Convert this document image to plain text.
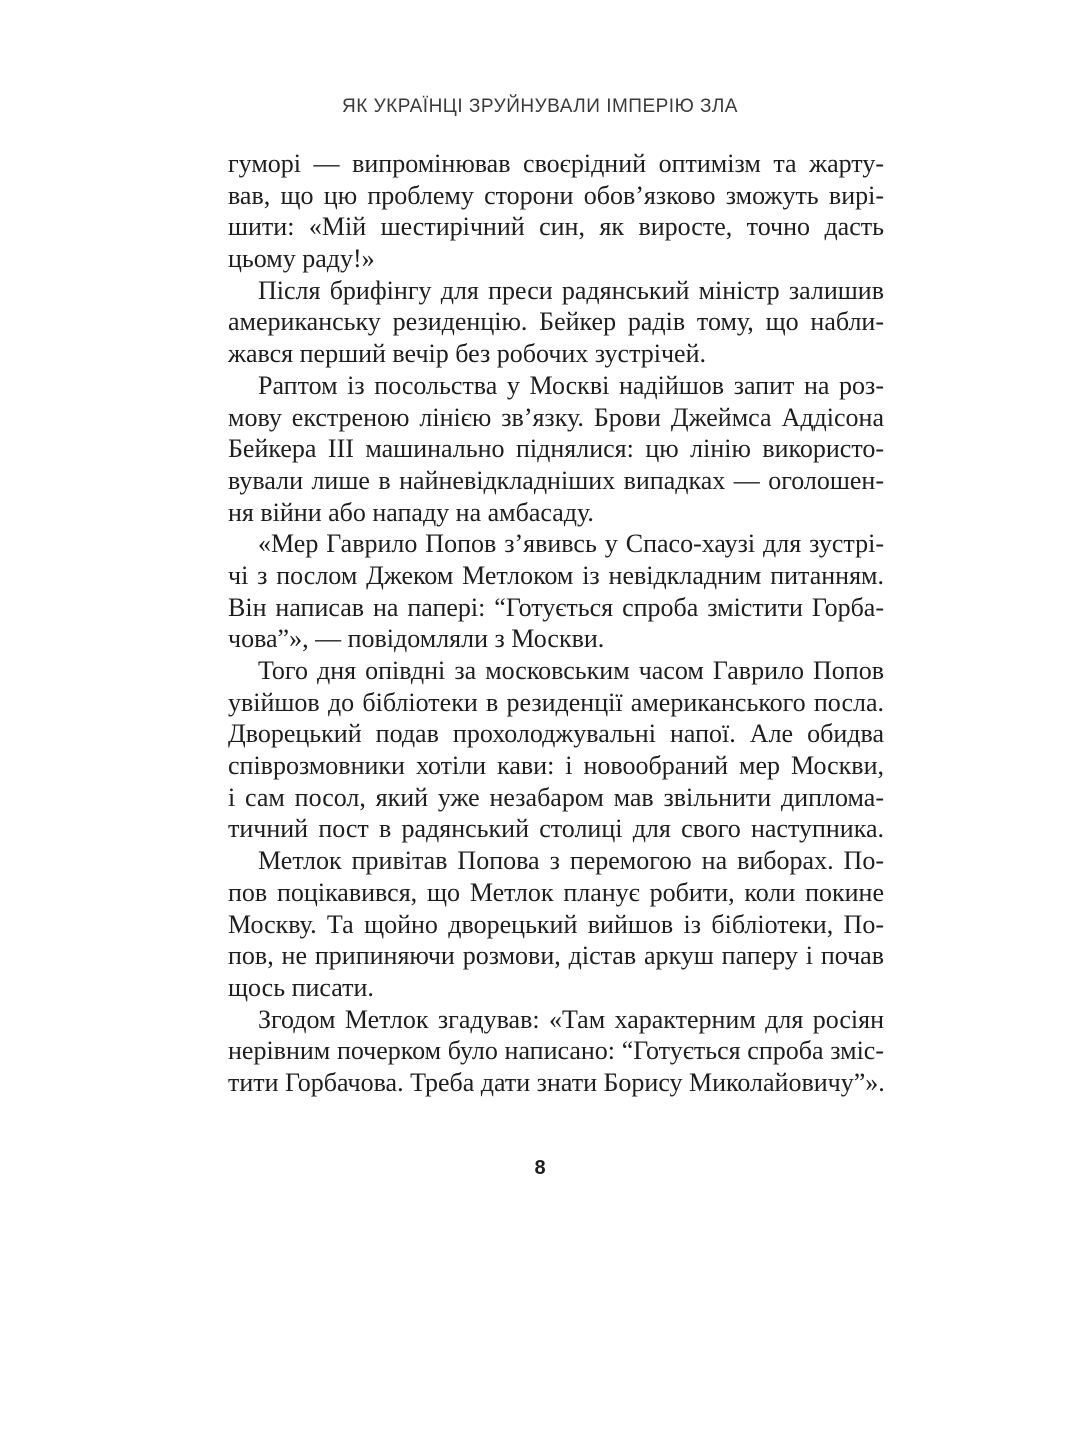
ЯК УКРАЇНЦІ ЗРУЙНУВАЛИ ІМПЕРІЮ ЗЛА
гуморі — випромінював своєрідний оптимізм та жарту-
вав, що цю проблему сторони обов’язково зможуть вирі-
шити: «Мій шестирічний син, як виросте, точно дасть
цьому раду!»
Після брифінгу для преси радянський міністр залишив
американську резиденцію. Бейкер радів тому, що набли-
жався перший вечір без робочих зустрічей.
Раптом із посольства у Москві надійшов запит на роз-
мову екстреною лінією зв’язку. Брови Джеймса Аддісона
Бейкера III машинально піднялися: цю лінію використо-
вували лише в найневідкладніших випадках — оголошен-
ня війни або нападу на амбасаду.
«Мер Гаврило Попов з’явивсь у Спасо-хаузі для зустрі-
чі з послом Джеком Метлоком із невідкладним питанням.
Він написав на папері: “Готується спроба змістити Горба-
чова”», — повідомляли з Москви.
Того дня опівдні за московським часом Гаврило Попов
увійшов до бібліотеки в резиденції американського посла.
Дворецький подав прохолоджувальні напої. Але обидва
співрозмовники хотіли кави: і новообраний мер Москви,
і сам посол, який уже незабаром мав звільнити диплома-
тичний пост в радянський столиці для свого наступника.
Метлок привітав Попова з перемогою на виборах. По-
пов поцікавився, що Метлок планує робити, коли покине
Москву. Та щойно дворецький вийшов із бібліотеки, По-
пов, не припиняючи розмови, дістав аркуш паперу і почав
щось писати.
Згодом Метлок згадував: «Там характерним для росіян
нерівним почерком було написано: “Готується спроба зміс-
тити Горбачова. Треба дати знати Борису Миколайовичу”».
8
